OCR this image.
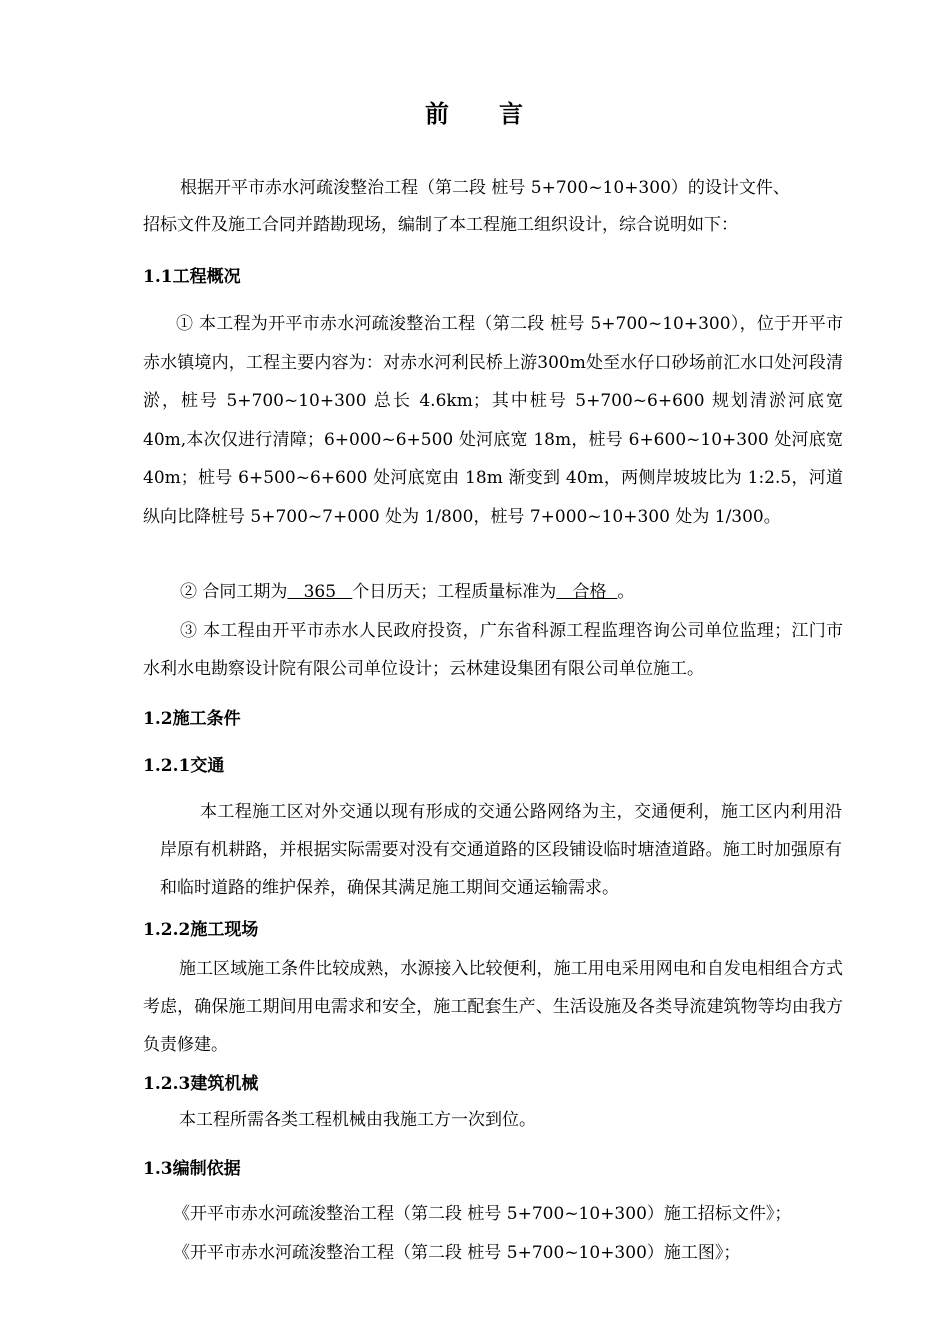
前 言

根据开平市赤水河疏浚整治工程（第二段 桩号 5+700~10+300）的设计文件、

招标文件及施工合同并踏勘现场，编制了本工程施工组织设计，综合说明如下：

1.1工程概况

① 本工程为开平市赤水河疏浚整治工程（第二段 桩号 5+700~10+300），位于开平市赤水镇境内，工程主要内容为：对赤水河利民桥上游300m处至水仔口砂场前汇水口处河段清淤，桩号 5+700~10+300 总长 4.6km；其中桩号 5+700~6+600 规划清淤河底宽 40m,本次仅进行清障；6+000~6+500 处河底宽 18m，桩号 6+600~10+300 处河底宽 40m；桩号 6+500~6+600 处河底宽由 18m 渐变到 40m，两侧岸坡坡比为 1:2.5，河道纵向比降桩号 5+700~7+000 处为 1/800，桩号 7+000~10+300 处为 1/300。

② 合同工期为   365   个日历天；工程质量标准为   合格  。

③ 本工程由开平市赤水人民政府投资，广东省科源工程监理咨询公司单位监理；江门市水利水电勘察设计院有限公司单位设计；云林建设集团有限公司单位施工。

1.2施工条件

1.2.1交通

本工程施工区对外交通以现有形成的交通公路网络为主，交通便利，施工区内利用沿岸原有机耕路，并根据实际需要对没有交通道路的区段铺设临时塘渣道路。施工时加强原有和临时道路的维护保养，确保其满足施工期间交通运输需求。

1.2.2施工现场

施工区域施工条件比较成熟，水源接入比较便利，施工用电采用网电和自发电相组合方式考虑，确保施工期间用电需求和安全，施工配套生产、生活设施及各类导流建筑物等均由我方负责修建。

1.2.3建筑机械

本工程所需各类工程机械由我施工方一次到位。

1.3编制依据

《开平市赤水河疏浚整治工程（第二段 桩号 5+700~10+300）施工招标文件》；

《开平市赤水河疏浚整治工程（第二段 桩号 5+700~10+300）施工图》；
